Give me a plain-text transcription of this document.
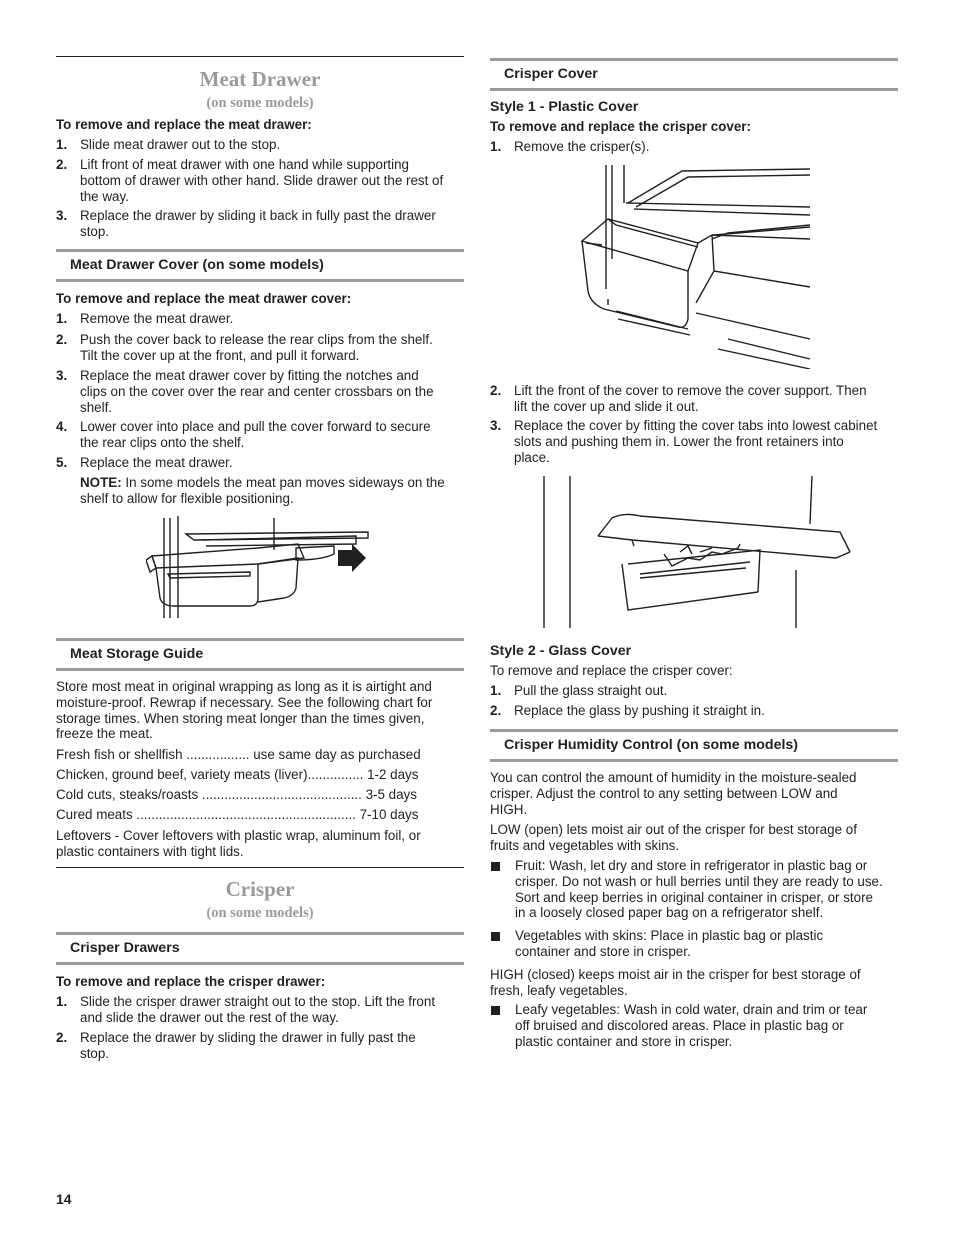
Meat Drawer
(on some models)
To remove and replace the meat drawer:
1. Slide meat drawer out to the stop.
2. Lift front of meat drawer with one hand while supporting
bottom of drawer with other hand. Slide drawer out the rest of
the way.
3. Replace the drawer by sliding it back in fully past the drawer
stop.
Meat Drawer Cover (on some models)
To remove and replace the meat drawer cover:
1. Remove the meat drawer.
2. Push the cover back to release the rear clips from the shelf.
Tilt the cover up at the front, and pull it forward.
3. Replace the meat drawer cover by fitting the notches and
clips on the cover over the rear and center crossbars on the
shelf.
4. Lower cover into place and pull the cover forward to secure
the rear clips onto the shelf.
5. Replace the meat drawer.
NOTE: In some models the meat pan moves sideways on the
shelf to allow for flexible positioning.
Meat Storage Guide
Store most meat in original wrapping as long as it is airtight and
moisture-proof. Rewrap if necessary. See the following chart for
storage times. When storing meat longer than the times given,
freeze the meat.
Fresh fish or shellfish ................. use same day as purchased
Chicken, ground beef, variety meats (liver)............... 1-2 days
Cold cuts, steaks/roasts ........................................... 3-5 days
Cured meats ........................................................... 7-10 days
Leftovers - Cover leftovers with plastic wrap, aluminum foil, or
plastic containers with tight lids.
Crisper
(on some models)
Crisper Drawers
To remove and replace the crisper drawer:
1. Slide the crisper drawer straight out to the stop. Lift the front
and slide the drawer out the rest of the way.
2. Replace the drawer by sliding the drawer in fully past the
stop.
Crisper Cover
Style 1 - Plastic Cover
To remove and replace the crisper cover:
1. Remove the crisper(s).
2. Lift the front of the cover to remove the cover support. Then
lift the cover up and slide it out.
3. Replace the cover by fitting the cover tabs into lowest cabinet
slots and pushing them in. Lower the front retainers into
place.
Style 2 - Glass Cover
To remove and replace the crisper cover:
1. Pull the glass straight out.
2. Replace the glass by pushing it straight in.
Crisper Humidity Control (on some models)
You can control the amount of humidity in the moisture-sealed
crisper. Adjust the control to any setting between LOW and
HIGH.
LOW (open) lets moist air out of the crisper for best storage of
fruits and vegetables with skins.
Fruit: Wash, let dry and store in refrigerator in plastic bag or
crisper. Do not wash or hull berries until they are ready to use.
Sort and keep berries in original container in crisper, or store
in a loosely closed paper bag on a refrigerator shelf.
Vegetables with skins: Place in plastic bag or plastic
container and store in crisper.
HIGH (closed) keeps moist air in the crisper for best storage of
fresh, leafy vegetables.
Leafy vegetables: Wash in cold water, drain and trim or tear
off bruised and discolored areas. Place in plastic bag or
plastic container and store in crisper.
14
